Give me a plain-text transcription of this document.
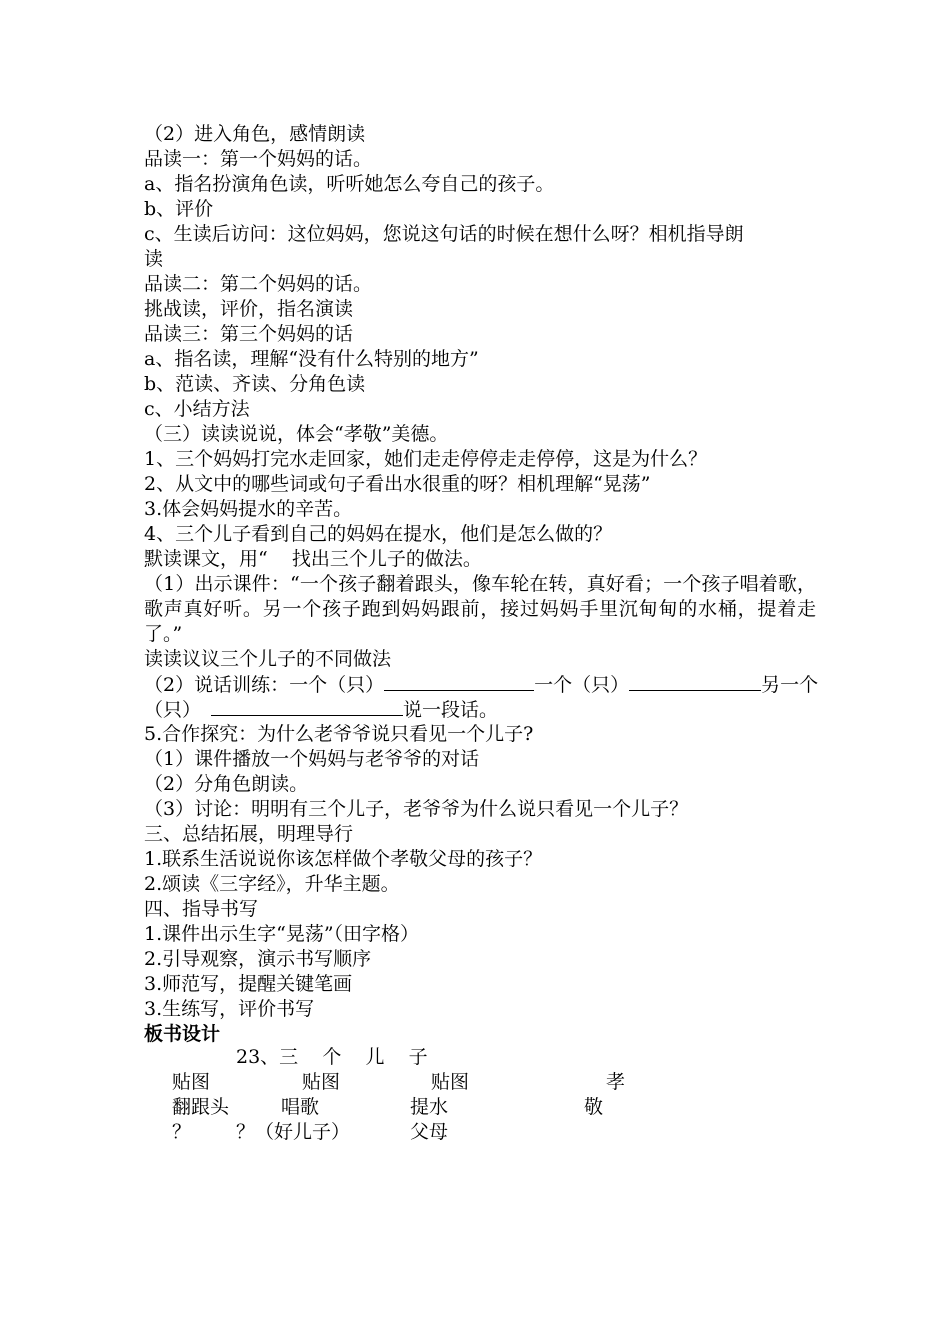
（2）进入角色，感情朗读
品读一：第一个妈妈的话。
a、指名扮演角色读，听听她怎么夸自己的孩子。
b、评价
c、生读后访问：这位妈妈，您说这句话的时候在想什么呀？相机指导朗
读
品读二：第二个妈妈的话。
挑战读，评价，指名演读
品读三：第三个妈妈的话
a、指名读，理解“没有什么特别的地方”
b、范读、齐读、分角色读
c、小结方法
（三）读读说说，体会“孝敬”美德。
1、三个妈妈打完水走回家，她们走走停停走走停停，这是为什么？
2、从文中的哪些词或句子看出水很重的呀？相机理解“晃荡”
3.体会妈妈提水的辛苦。
4、三个儿子看到自己的妈妈在提水，他们是怎么做的？
默读课文，用“    找出三个儿子的做法。
（1）出示课件：“一个孩子翻着跟头，像车轮在转，真好看；一个孩子唱着歌，歌声真好听。另一个孩子跑到妈妈跟前，接过妈妈手里沉甸甸的水桶，提着走了。”
读读议议三个儿子的不同做法
（2）说话训练：一个（只）	一个（只）	另一个
（只）	说一段话。
5.合作探究：为什么老爷爷说只看见一个儿子?
（1）课件播放一个妈妈与老爷爷的对话
（2）分角色朗读。
（3）讨论：明明有三个儿子，老爷爷为什么说只看见一个儿子？
三、总结拓展，明理导行
1.联系生活说说你该怎样做个孝敬父母的孩子？
2.颂读《三字经》，升华主题。
四、指导书写
1.课件出示生字“晃荡”（田字格）
2.引导观察，演示书写顺序
3.师范写，提醒关键笔画
3.生练写，评价书写
板书设计
23、三    个    儿    子
贴图	贴图	贴图	孝
翻跟头	唱歌	提水	敬
？ ？（好儿子）	父母
